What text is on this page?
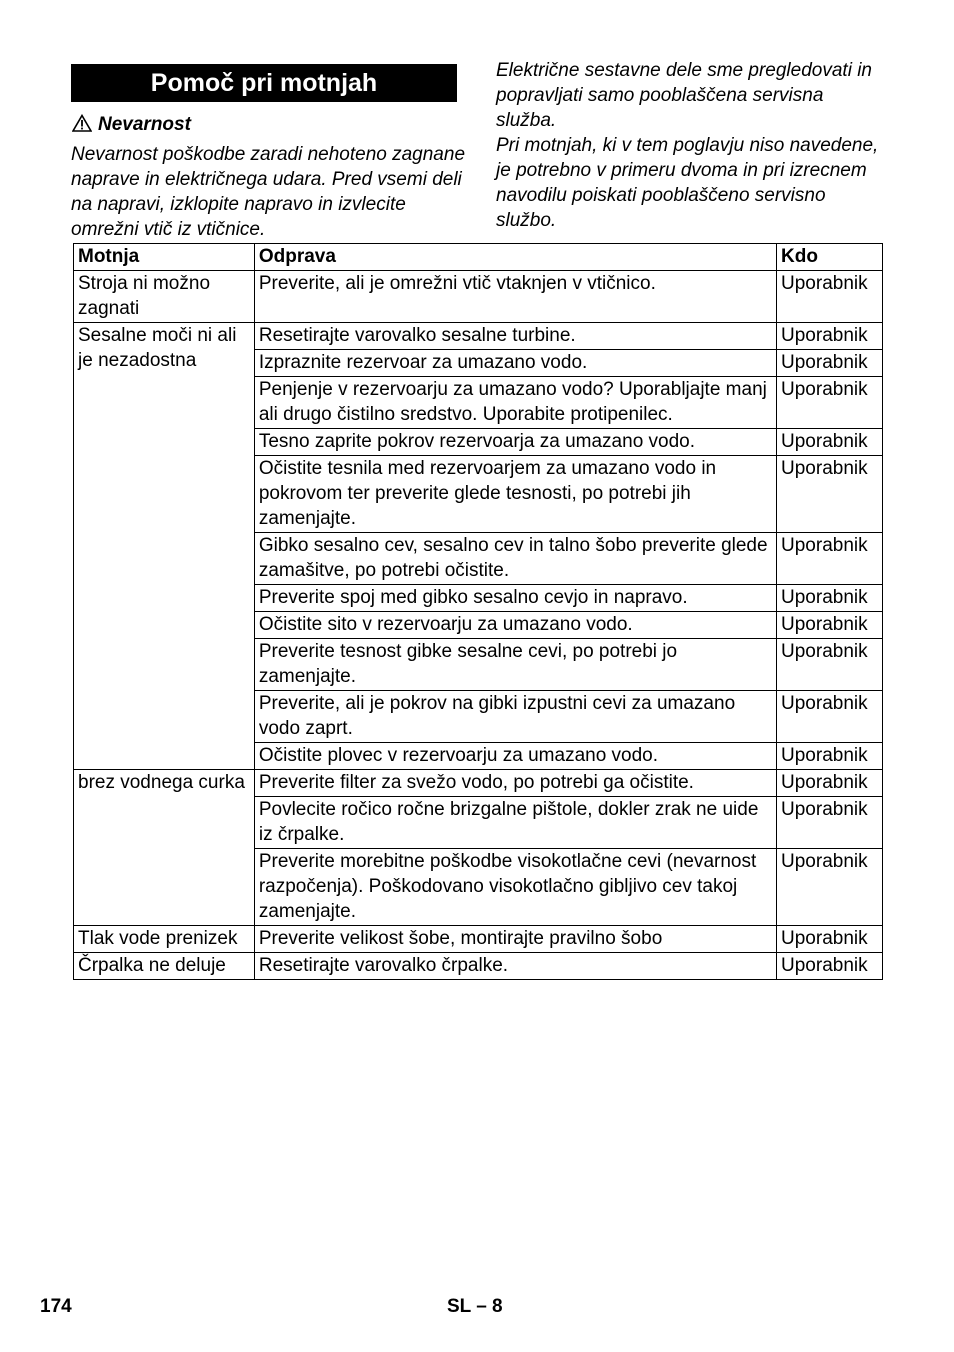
Pomoč pri motnjah
Nevarnost
Nevarnost poškodbe zaradi nehoteno zagnane naprave in električnega udara. Pred vsemi deli na napravi, izklopite napravo in izvlecite omrežni vtič iz vtičnice.

Električne sestavne dele sme pregledovati in popravljati samo pooblaščena servisna služba.

Pri motnjah, ki v tem poglavju niso navedene, je potrebno v primeru dvoma in pri izrecnem navodilu poiskati pooblaščeno servisno službo.

Motnja	Odprava	Kdo
Stroja ni možno zagnati	Preverite, ali je omrežni vtič vtaknjen v vtičnico.	Uporabnik
Sesalne moči ni ali je nezadostna	Resetirajte varovalko sesalne turbine.	Uporabnik
	Izpraznite rezervoar za umazano vodo.	Uporabnik
	Penjenje v rezervoarju za umazano vodo? Uporabljajte manj ali drugo čistilno sredstvo. Uporabite protipenilec.	Uporabnik
	Tesno zaprite pokrov rezervoarja za umazano vodo.	Uporabnik
	Očistite tesnila med rezervoarjem za umazano vodo in pokrovom ter preverite glede tesnosti, po potrebi jih zamenjajte.	Uporabnik
	Gibko sesalno cev, sesalno cev in talno šobo preverite glede zamašitve, po potrebi očistite.	Uporabnik
	Preverite spoj med gibko sesalno cevjo in napravo.	Uporabnik
	Očistite sito v rezervoarju za umazano vodo.	Uporabnik
	Preverite tesnost gibke sesalne cevi, po potrebi jo zamenjajte.	Uporabnik
	Preverite, ali je pokrov na gibki izpustni cevi za umazano vodo zaprt.	Uporabnik
	Očistite plovec v rezervoarju za umazano vodo.	Uporabnik
brez vodnega curka	Preverite filter za svežo vodo, po potrebi ga očistite.	Uporabnik
	Povlecite ročico ročne brizgalne pištole, dokler zrak ne uide iz črpalke.	Uporabnik
	Preverite morebitne poškodbe visokotlačne cevi (nevarnost razpočenja). Poškodovano visokotlačno gibljivo cev takoj zamenjajte.	Uporabnik
Tlak vode prenizek	Preverite velikost šobe, montirajte pravilno šobo	Uporabnik
Črpalka ne deluje	Resetirajte varovalko črpalke.	Uporabnik
174	SL – 8
